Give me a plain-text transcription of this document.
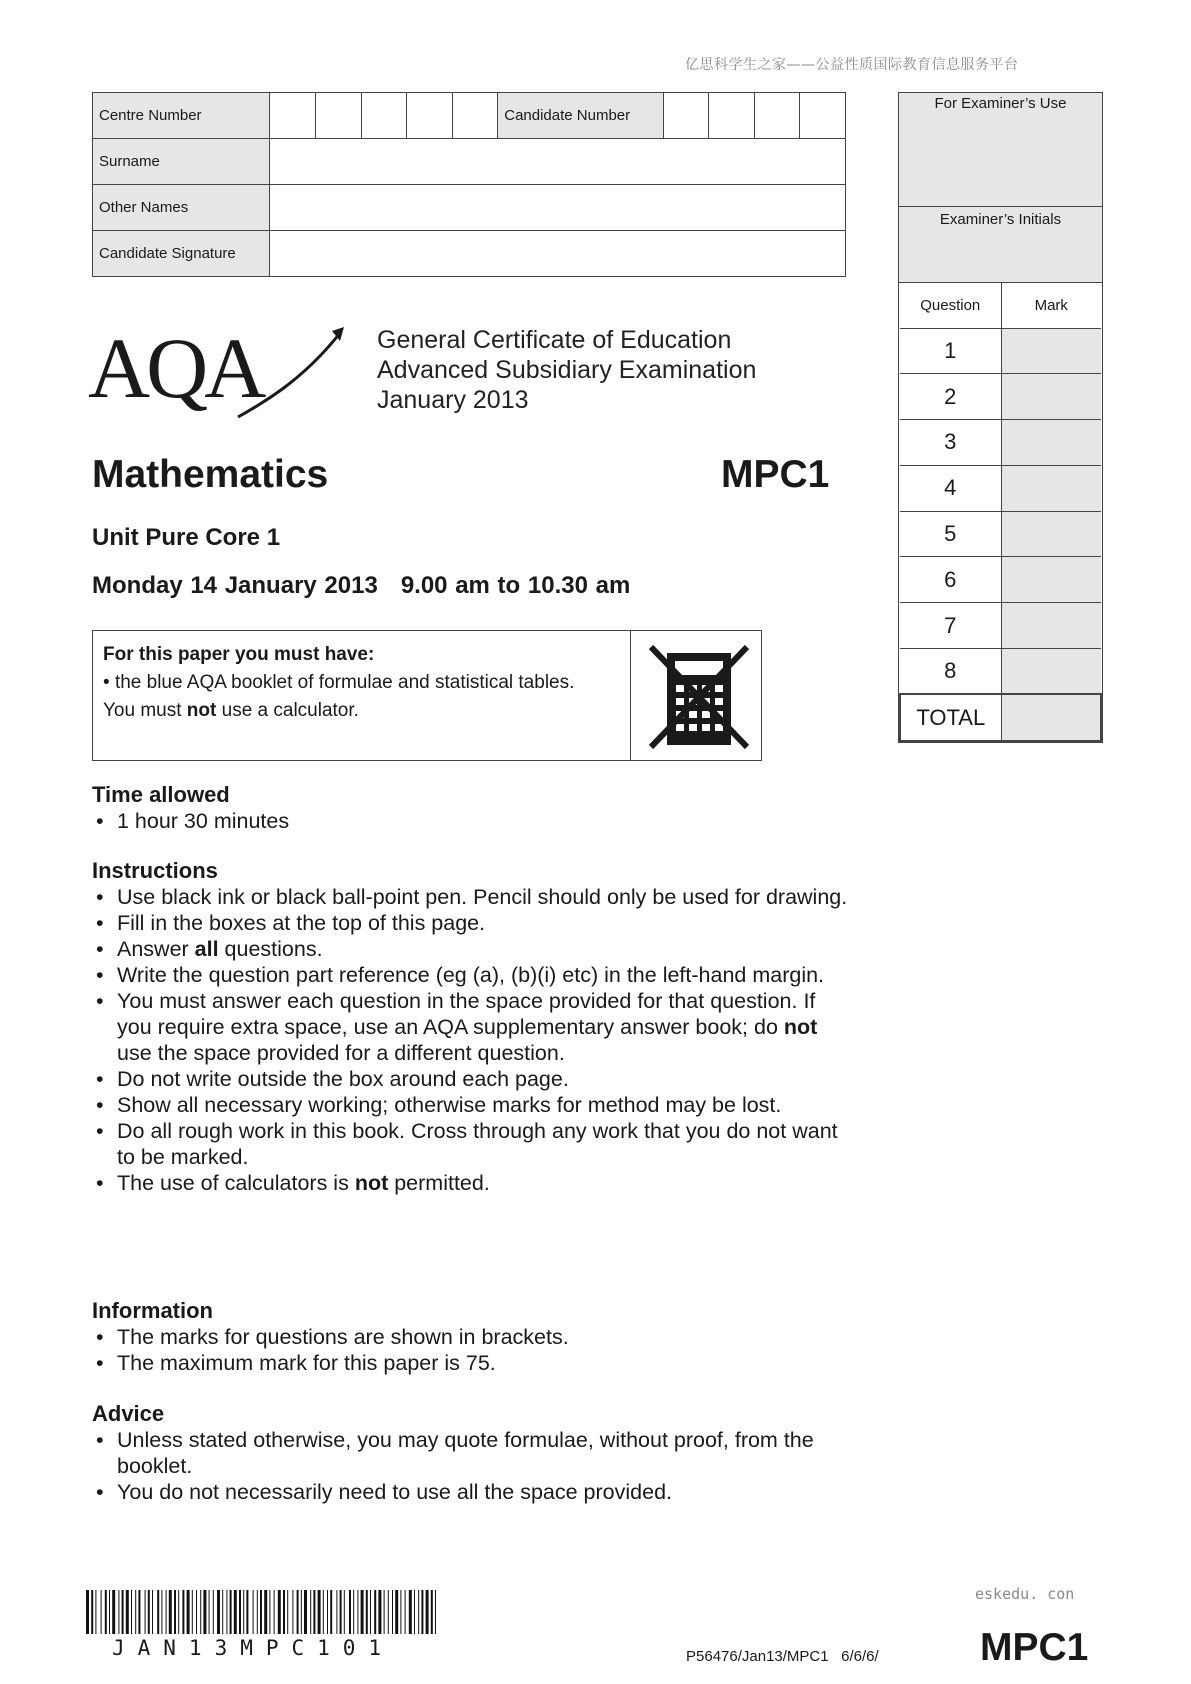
亿思科学生之家——公益性质国际教育信息服务平台
Centre Number						Candidate Number				
Surname										
Other Names										
Candidate Signature										
For Examiner’s Use
Examiner’s Initials
Question	Mark
1	
2	
3	
4	
5	
6	
7	
8	
TOTAL	
AQA	General Certificate of Education
Advanced Subsidiary Examination
January 2013
Mathematics	MPC1
Unit Pure Core 1
Monday 14 January 2013   9.00 am to 10.30 am
For this paper you must have:
• the blue AQA booklet of formulae and statistical tables.
You must not use a calculator.
Time allowed
• 1 hour 30 minutes
Instructions
• Use black ink or black ball-point pen. Pencil should only be used for drawing.
• Fill in the boxes at the top of this page.
• Answer all questions.
• Write the question part reference (eg (a), (b)(i) etc) in the left-hand margin.
• You must answer each question in the space provided for that question. If you require extra space, use an AQA supplementary answer book; do not use the space provided for a different question.
• Do not write outside the box around each page.
• Show all necessary working; otherwise marks for method may be lost.
• Do all rough work in this book. Cross through any work that you do not want to be marked.
• The use of calculators is not permitted.
Information
• The marks for questions are shown in brackets.
• The maximum mark for this paper is 75.
Advice
• Unless stated otherwise, you may quote formulae, without proof, from the booklet.
• You do not necessarily need to use all the space provided.
eskedu. con
JAN13MPC101	P56476/Jan13/MPC1   6/6/6/	MPC1
